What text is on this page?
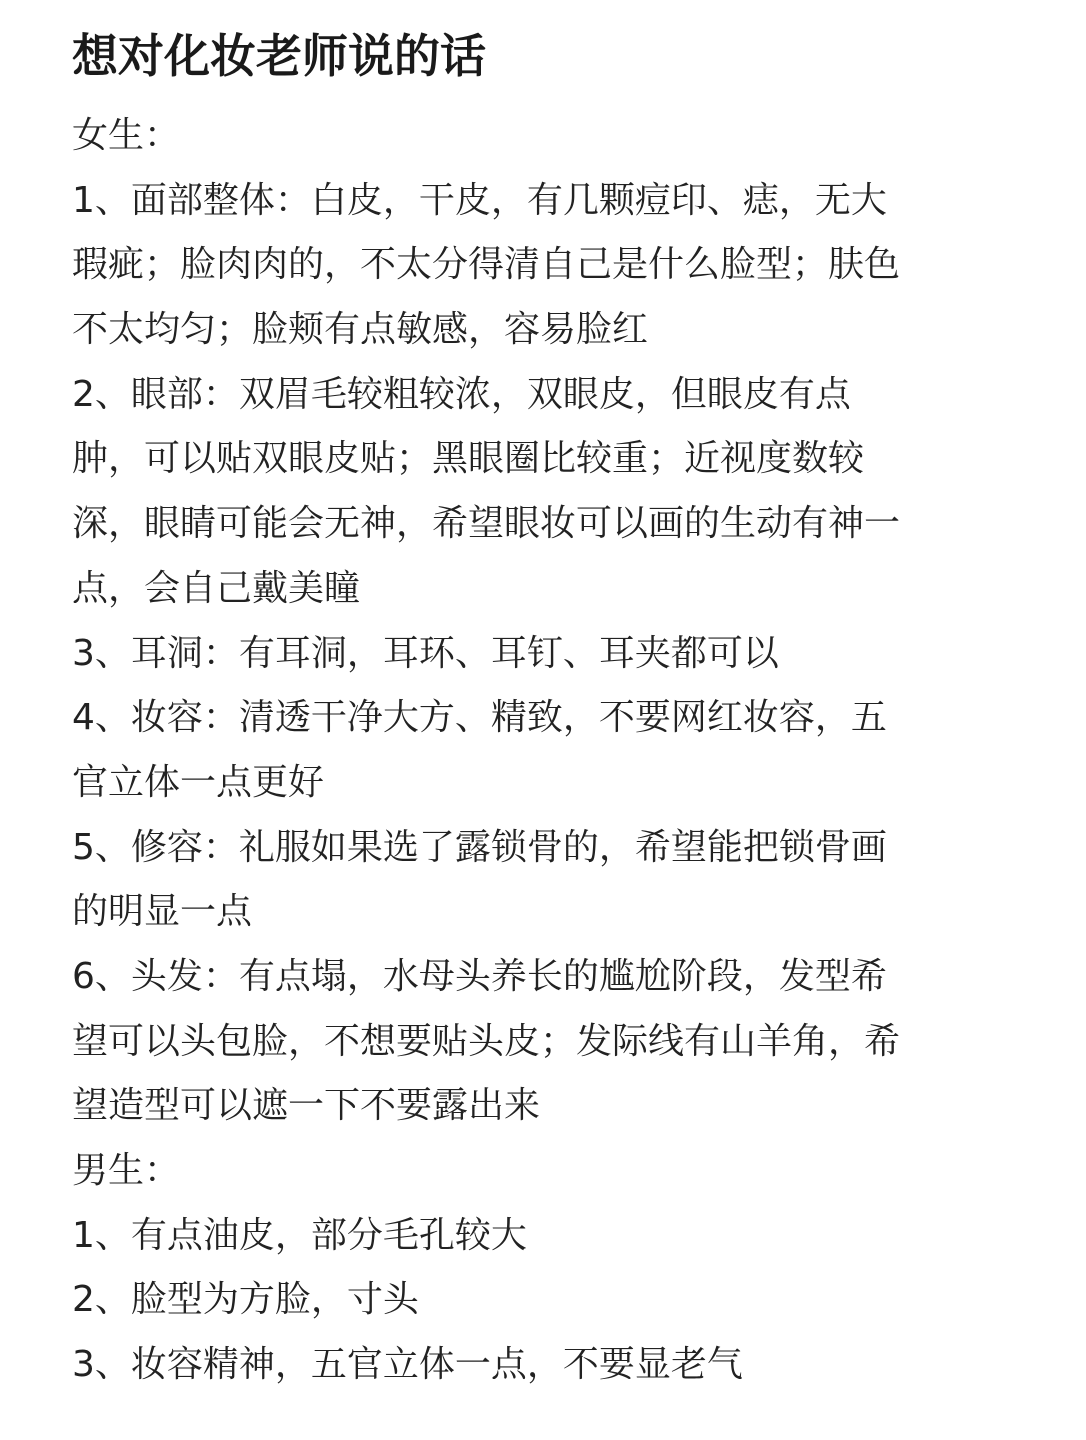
想对化妆老师说的话
女生：
1、面部整体：白皮，干皮，有几颗痘印、痣，无大
瑕疵；脸肉肉的，不太分得清自己是什么脸型；肤色
不太均匀；脸颊有点敏感，容易脸红
2、眼部：双眉毛较粗较浓，双眼皮，但眼皮有点
肿，可以贴双眼皮贴；黑眼圈比较重；近视度数较
深，眼睛可能会无神，希望眼妆可以画的生动有神一
点，会自己戴美瞳
3、耳洞：有耳洞，耳环、耳钉、耳夹都可以
4、妆容：清透干净大方、精致，不要网红妆容，五
官立体一点更好
5、修容：礼服如果选了露锁骨的，希望能把锁骨画
的明显一点
6、头发：有点塌，水母头养长的尴尬阶段，发型希
望可以头包脸，不想要贴头皮；发际线有山羊角，希
望造型可以遮一下不要露出来
男生：
1、有点油皮，部分毛孔较大
2、脸型为方脸，寸头
3、妆容精神，五官立体一点，不要显老气
